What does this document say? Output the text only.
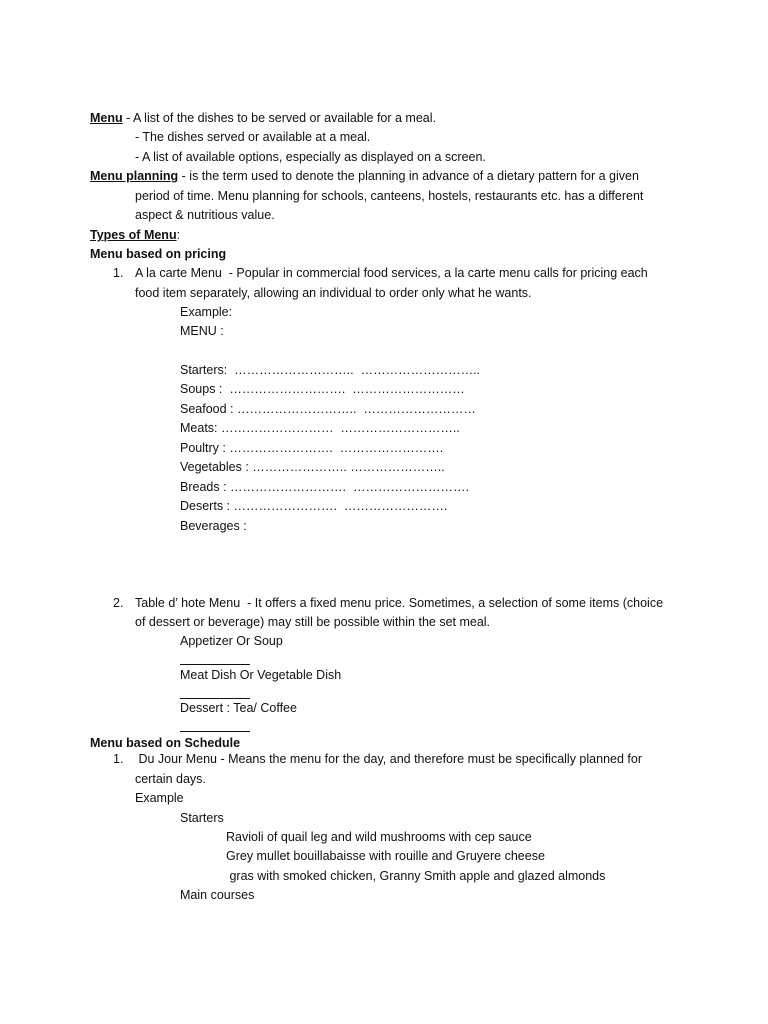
Menu - A list of the dishes to be served or available for a meal.
- The dishes served or available at a meal.
- A list of available options, especially as displayed on a screen.
Menu planning - is the term used to denote the planning in advance of a dietary pattern for a given
period of time. Menu planning for schools, canteens, hostels, restaurants etc. has a different
aspect & nutritious value.
Types of Menu:
Menu based on pricing
1. A la carte Menu  - Popular in commercial food services, a la carte menu calls for pricing each
food item separately, allowing an individual to order only what he wants.
Example:
MENU :
Starters:  ………………………..  ………………………..
Soups :  ……………………….  ………………………
Seafood : ………………………..  ………………………
Meats: ………………………  ………………………..
Poultry : …………………….  …………………….
Vegetables : ………………….. …………………..
Breads : ……………………….  ……………………….
Deserts : …………………….  …………………….
Beverages :
2. Table d’ hote Menu  - It offers a fixed menu price. Sometimes, a selection of some items (choice
of dessert or beverage) may still be possible within the set meal.
Appetizer Or Soup
Meat Dish Or Vegetable Dish
Dessert : Tea/ Coffee
Menu based on Schedule
1. Du Jour Menu - Means the menu for the day, and therefore must be specifically planned for
certain days.
Example
Starters
Ravioli of quail leg and wild mushrooms with cep sauce
Grey mullet bouillabaisse with rouille and Gruyere cheese
gras with smoked chicken, Granny Smith apple and glazed almonds
Main courses
